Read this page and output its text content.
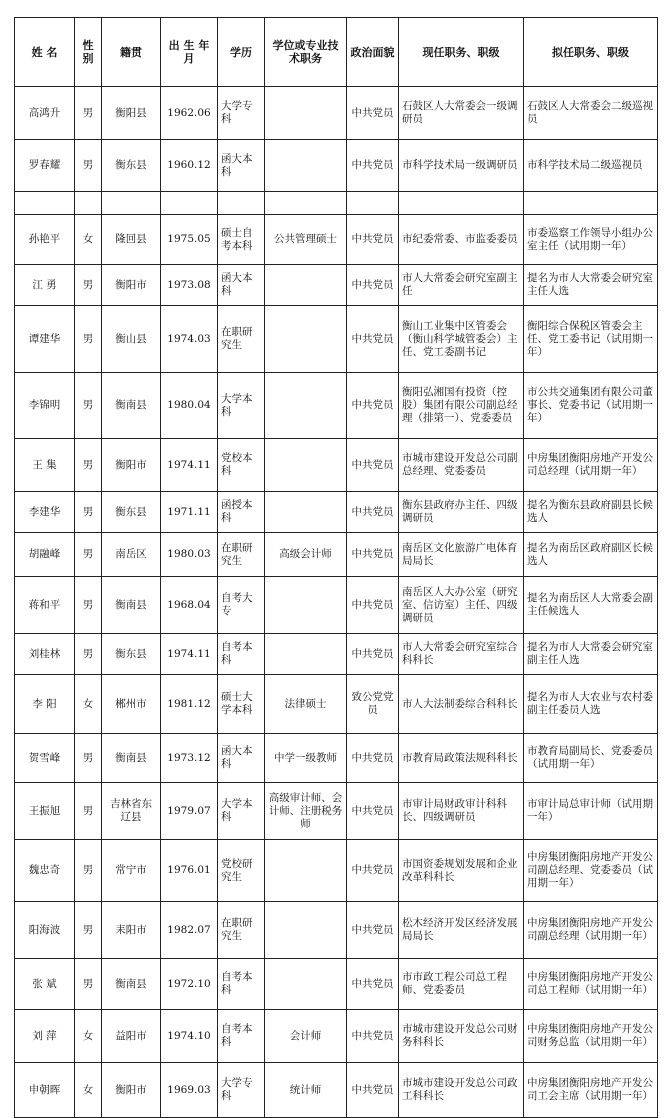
姓 名	性别	籍贯	出 生 年 月	学历	学位或专业技术职务	政治面貌	现任职务、职级	拟任职务、职级
高鸿升	男	衡阳县	1962.06	大学专科		中共党员	石鼓区人大常委会一级调研员	石鼓区人大常委会二级巡视员
罗春耀	男	衡东县	1960.12	函大本科		中共党员	市科学技术局一级调研员	市科学技术局二级巡视员

孙艳平	女	隆回县	1975.05	硕士自考本科	公共管理硕士	中共党员	市纪委常委、市监委委员	市委巡察工作领导小组办公室主任（试用期一年）
江 勇	男	衡阳市	1973.08	函大本科		中共党员	市人大常委会研究室副主任	提名为市人大常委会研究室主任人选
谭建华	男	衡山县	1974.03	在职研究生		中共党员	衡山工业集中区管委会（衡山科学城管委会）主任、党工委副书记	衡阳综合保税区管委会主任、党工委书记（试用期一年）
李锦明	男	衡南县	1980.04	大学本科		中共党员	衡阳弘湘国有投资（控股）集团有限公司副总经理（排第一）、党委委员	市公共交通集团有限公司董事长、党委书记（试用期一年）
王 集	男	衡阳市	1974.11	党校本科		中共党员	市城市建设开发总公司副总经理、党委委员	中房集团衡阳房地产开发公司总经理（试用期一年）
李建华	男	衡东县	1971.11	函授本科		中共党员	衡东县政府办主任、四级调研员	提名为衡东县政府副县长候选人
胡融峰	男	南岳区	1980.03	在职研究生	高级会计师	中共党员	南岳区文化旅游广电体育局局长	提名为南岳区政府副区长候选人
蒋和平	男	衡南县	1968.04	自考大专		中共党员	南岳区人大办公室（研究室、信访室）主任、四级调研员	提名为南岳区人大常委会副主任候选人
刘桂林	男	衡东县	1974.11	自考本科		中共党员	市人大常委会研究室综合科科长	提名为市人大常委会研究室副主任人选
李 阳	女	郴州市	1981.12	硕士大学本科	法律硕士	致公党党员	市人大法制委综合科科长	提名为市人大农业与农村委副主任委员人选
贺雪峰	男	衡南县	1973.12	函大本科	中学一级教师	中共党员	市教育局政策法规科科长	市教育局副局长、党委委员（试用期一年）
王振旭	男	吉林省东辽县	1979.07	大学本科	高级审计师、会计师、注册税务师	中共党员	市审计局财政审计科科长、四级调研员	市审计局总审计师（试用期一年）
魏忠奇	男	常宁市	1976.01	党校研究生		中共党员	市国资委规划发展和企业改革科科长	中房集团衡阳房地产开发公司副总经理、党委委员（试用期一年）
阳海波	男	耒阳市	1982.07	在职研究生		中共党员	松木经济开发区经济发展局局长	中房集团衡阳房地产开发公司副总经理（试用期一年）
张 斌	男	衡南县	1972.10	自考本科		中共党员	市市政工程公司总工程师、党委委员	中房集团衡阳房地产开发公司总工程师（试用期一年）
刘 萍	女	益阳市	1974.10	自考本科	会计师	中共党员	市城市建设开发总公司财务科科长	中房集团衡阳房地产开发公司财务总监（试用期一年）
申朝晖	女	衡阳市	1969.03	大学专科	统计师	中共党员	市城市建设开发总公司政工科科长	中房集团衡阳房地产开发公司工会主席（试用期一年）
